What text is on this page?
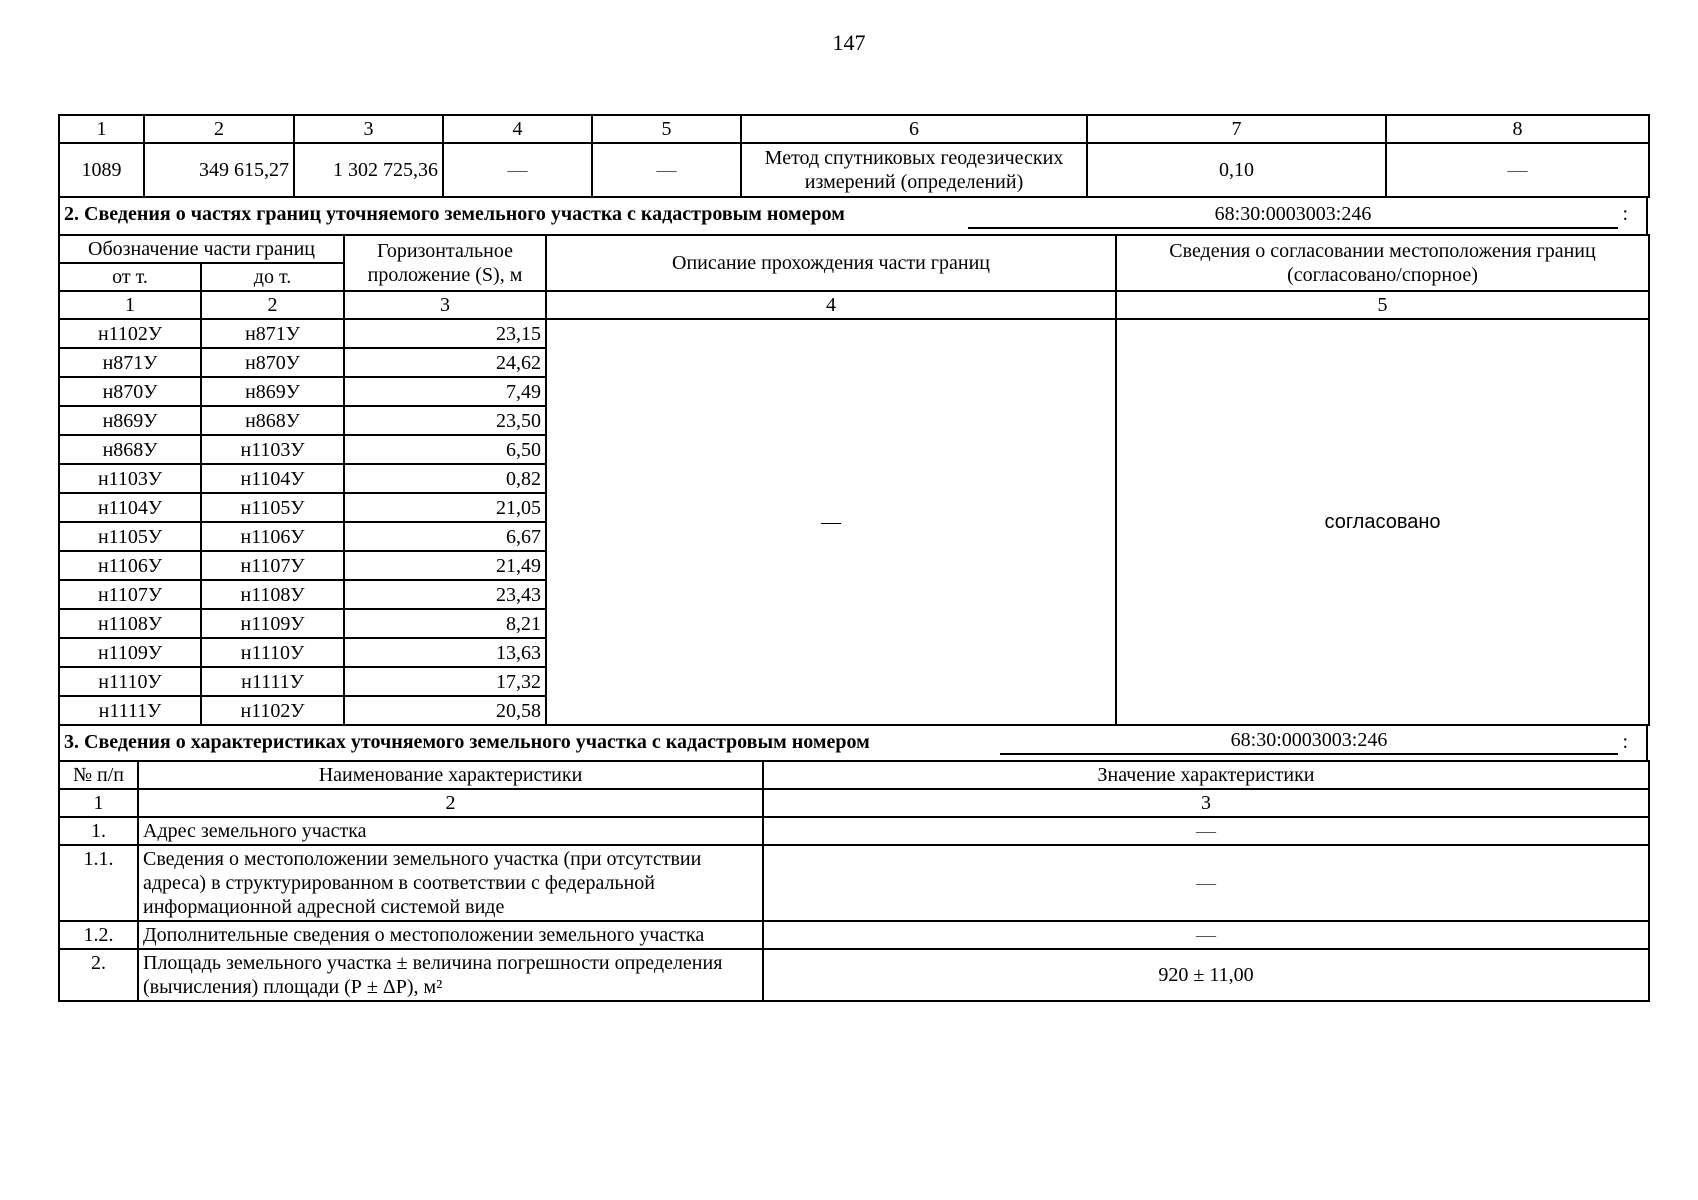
147
1	2	3	4	5	6	7	8
1089	349 615,27	1 302 725,36	—	—	Метод спутниковых геодезических измерений (определений)	0,10	—
2. Сведения о частях границ уточняемого земельного участка с кадастровым номером	68:30:0003003:246	:
Обозначение части границ		Горизонтальное проложение (S), м	Описание прохождения части границ	Сведения о согласовании местоположения границ (согласовано/спорное)
от т.	до т.			
1	2	3	4	5
н1102У	н871У	23,15	—	согласовано
н871У	н870У	24,62		
н870У	н869У	7,49		
н869У	н868У	23,50		
н868У	н1103У	6,50		
н1103У	н1104У	0,82		
н1104У	н1105У	21,05		
н1105У	н1106У	6,67		
н1106У	н1107У	21,49		
н1107У	н1108У	23,43		
н1108У	н1109У	8,21		
н1109У	н1110У	13,63		
н1110У	н1111У	17,32		
н1111У	н1102У	20,58		
3. Сведения о характеристиках уточняемого земельного участка с кадастровым номером	68:30:0003003:246	:
№ п/п	Наименование характеристики	Значение характеристики
1	2	3
1.	Адрес земельного участка	—
1.1.	Сведения о местоположении земельного участка (при отсутствии адреса) в структурированном в соответствии с федеральной информационной адресной системой виде	—
1.2.	Дополнительные сведения о местоположении земельного участка	—
2.	Площадь земельного участка ± величина погрешности определения (вычисления) площади (Р ± ΔР), м²	920 ± 11,00
